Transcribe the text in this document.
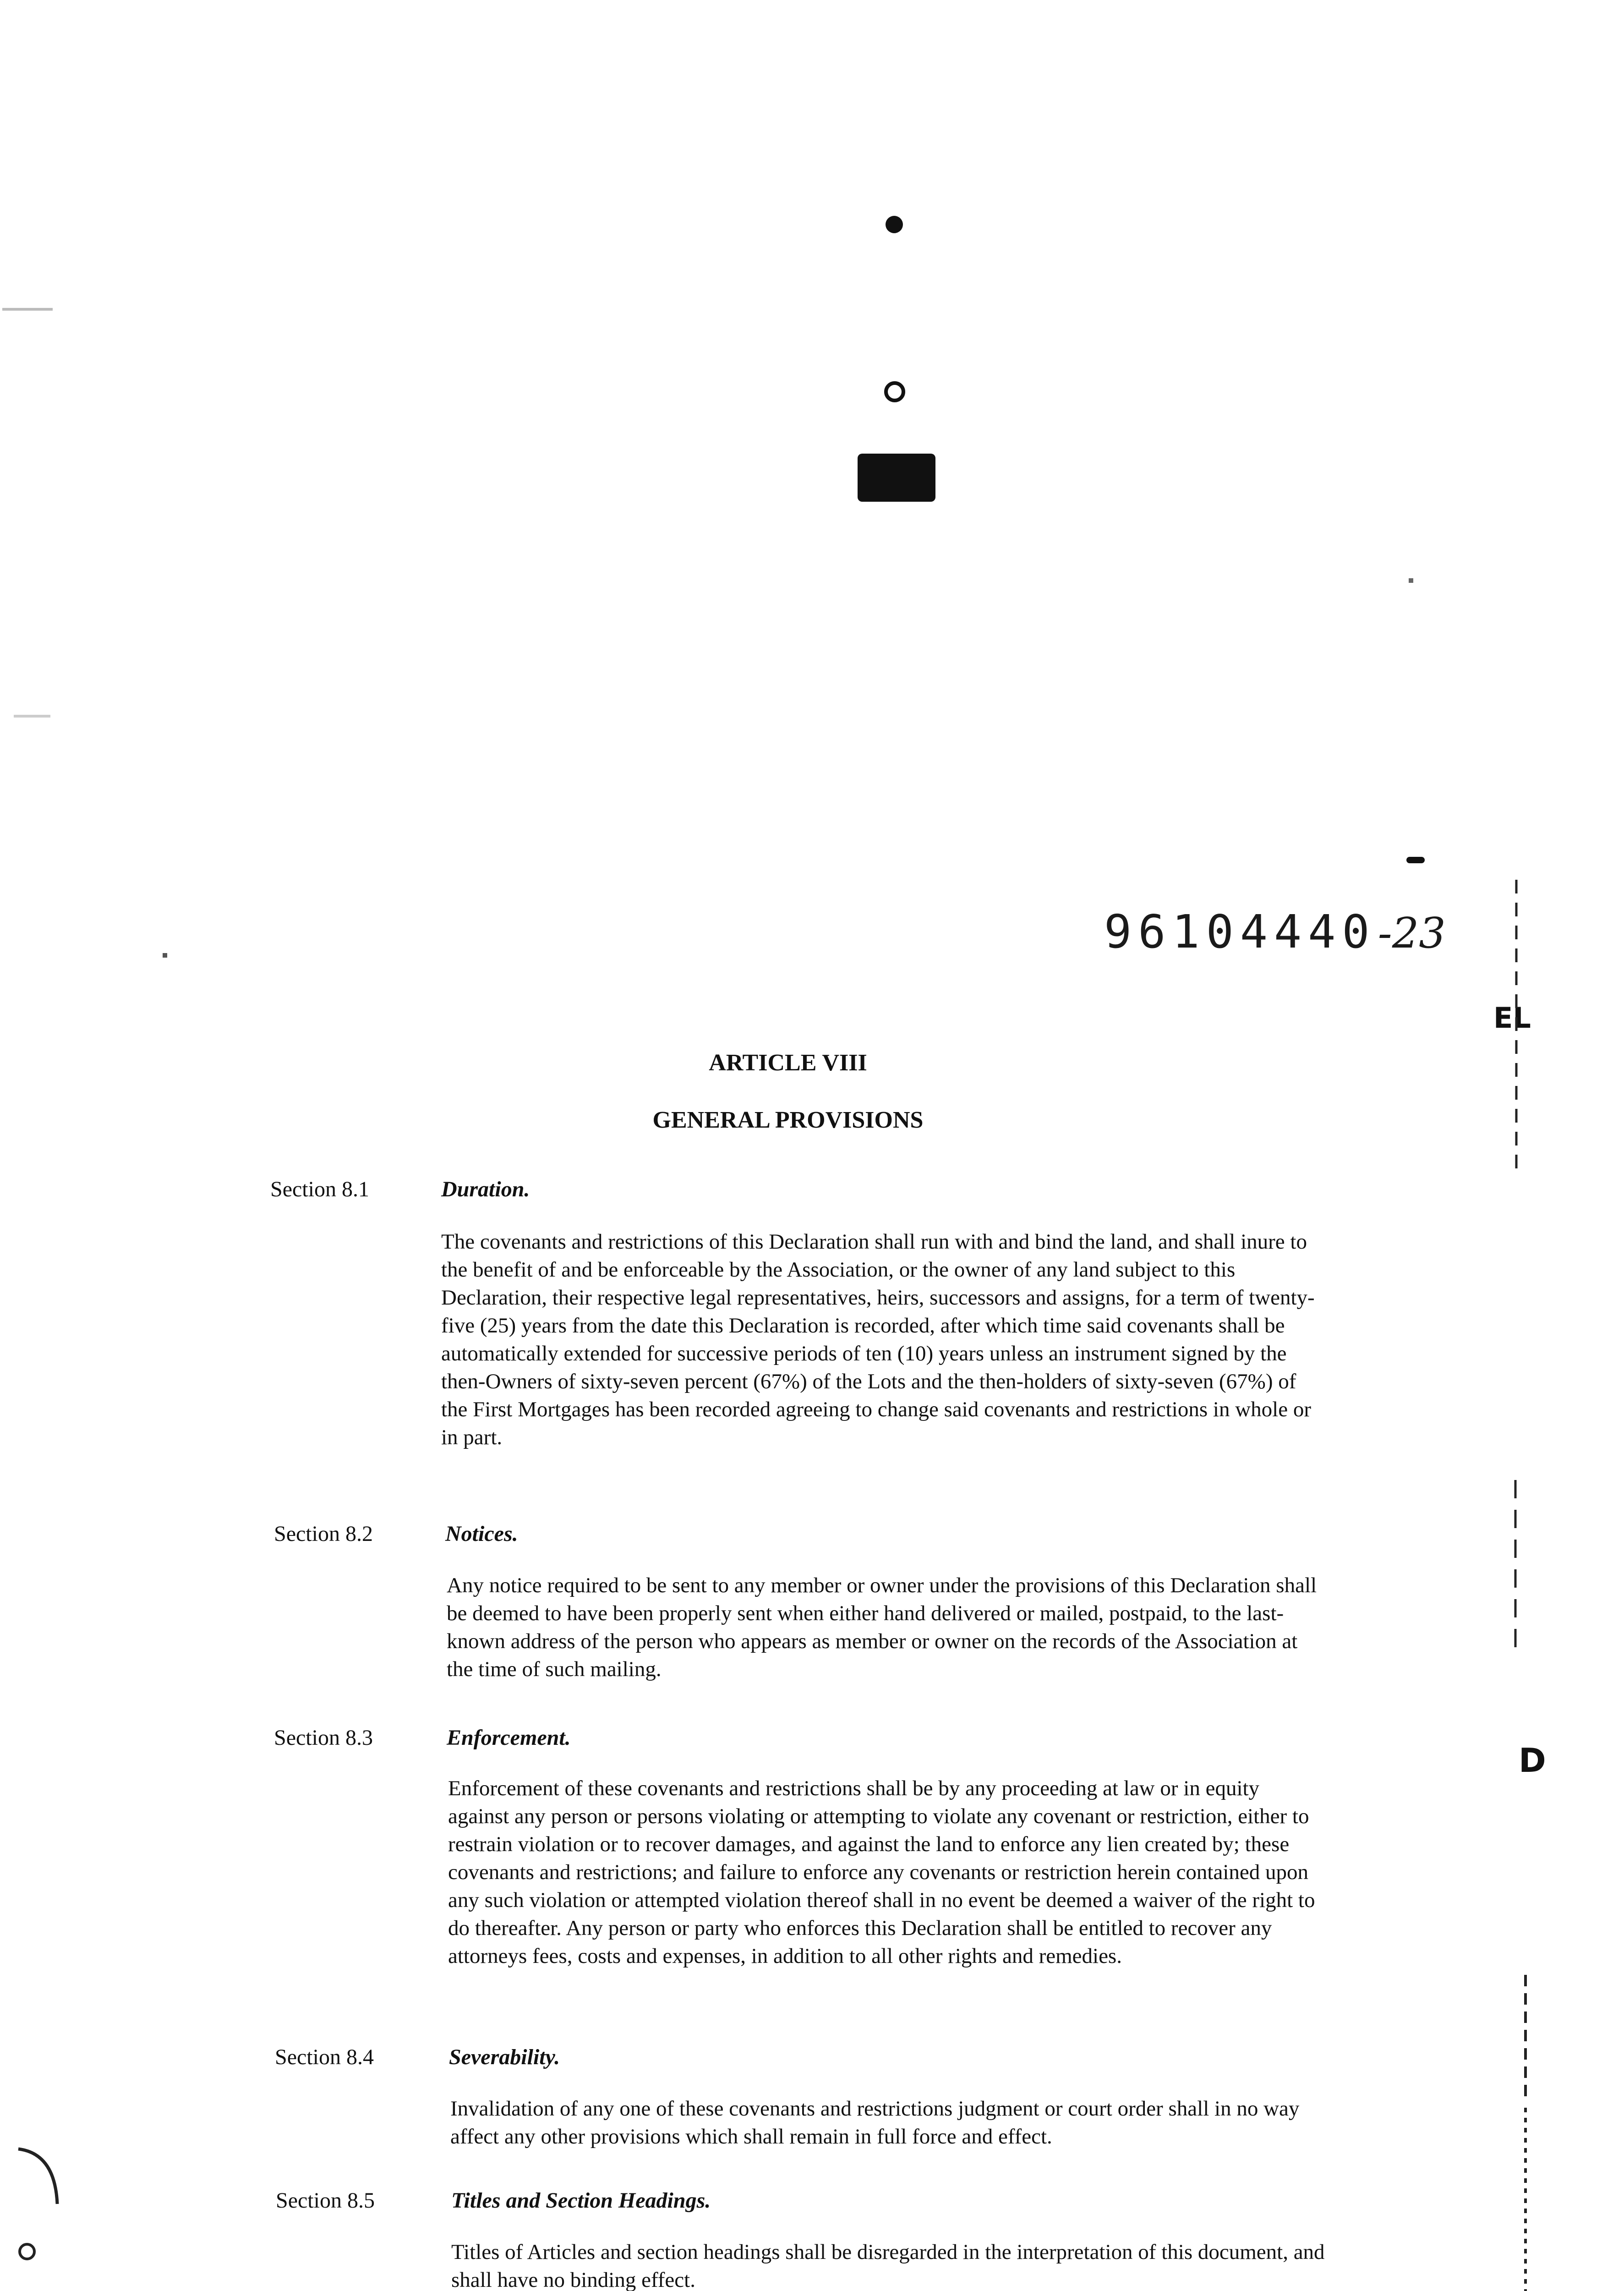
96104440 -23
EL
D
ARTICLE VIII
GENERAL PROVISIONS
Section 8.1	Duration.
The covenants and restrictions of this Declaration shall run with and bind the land, and shall inure to the benefit of and be enforceable by the Association, or the owner of any land subject to this Declaration, their respective legal representatives, heirs, successors and assigns, for a term of twenty-five (25) years from the date this Declaration is recorded, after which time said covenants shall be automatically extended for successive periods of ten (10) years unless an instrument signed by the then-Owners of sixty-seven percent (67%) of the Lots and the then-holders of sixty-seven (67%) of the First Mortgages has been recorded agreeing to change said covenants and restrictions in whole or in part.
Section 8.2	Notices.
Any notice required to be sent to any member or owner under the provisions of this Declaration shall be deemed to have been properly sent when either hand delivered or mailed, postpaid, to the last-known address of the person who appears as member or owner on the records of the Association at the time of such mailing.
Section 8.3	Enforcement.
Enforcement of these covenants and restrictions shall be by any proceeding at law or in equity against any person or persons violating or attempting to violate any covenant or restriction, either to restrain violation or to recover damages, and against the land to enforce any lien created by; these covenants and restrictions; and failure to enforce any covenants or restriction herein contained upon any such violation or attempted violation thereof shall in no event be deemed a waiver of the right to do thereafter. Any person or party who enforces this Declaration shall be entitled to recover any attorneys fees, costs and expenses, in addition to all other rights and remedies.
Section 8.4	Severability.
Invalidation of any one of these covenants and restrictions judgment or court order shall in no way affect any other provisions which shall remain in full force and effect.
Section 8.5	Titles and Section Headings.
Titles of Articles and section headings shall be disregarded in the interpretation of this document, and shall have no binding effect.
